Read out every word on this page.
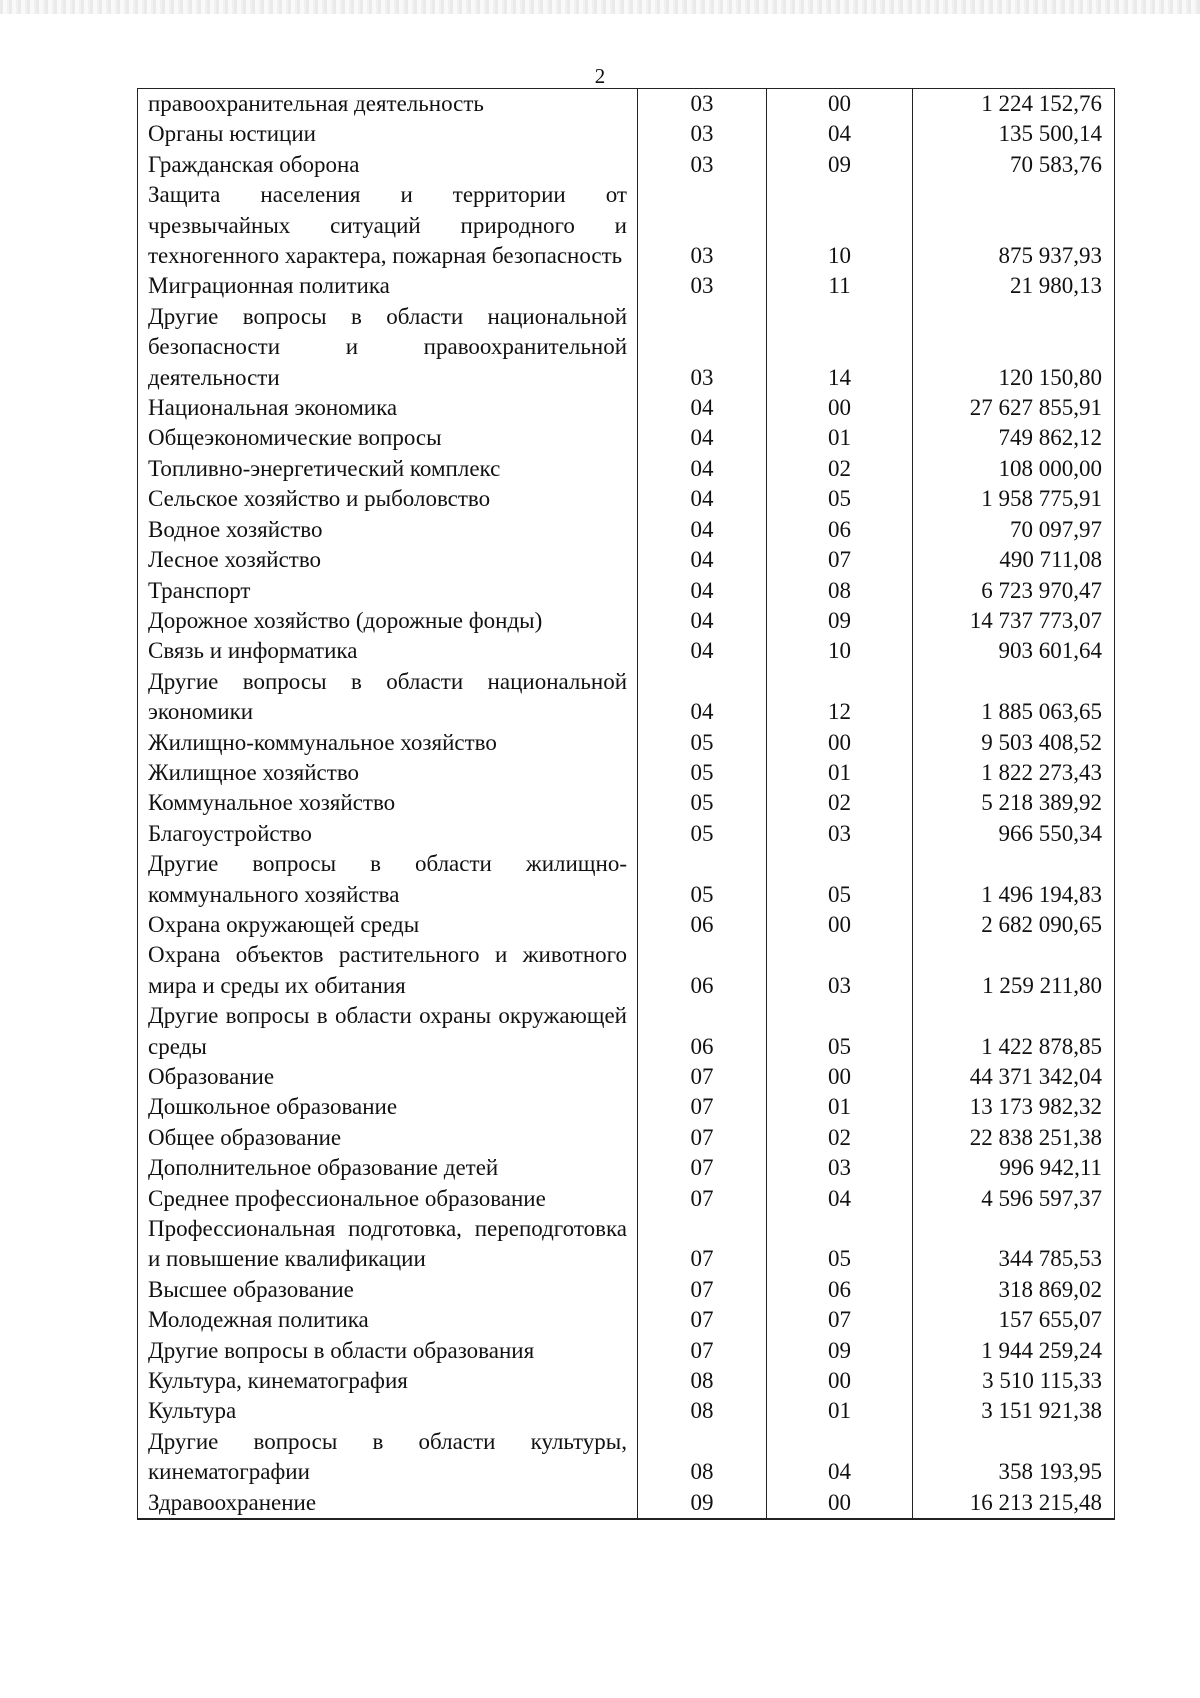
2
правоохранительная деятельность	03	00	1 224 152,76
Органы юстиции	03	04	135 500,14
Гражданская оборона	03	09	70 583,76
Защита населения и территории от чрезвычайных ситуаций природного и техногенного характера, пожарная безопасность	03	10	875 937,93
Миграционная политика	03	11	21 980,13
Другие вопросы в области национальной безопасности и правоохранительной деятельности	03	14	120 150,80
Национальная экономика	04	00	27 627 855,91
Общеэкономические вопросы	04	01	749 862,12
Топливно-энергетический комплекс	04	02	108 000,00
Сельское хозяйство и рыболовство	04	05	1 958 775,91
Водное хозяйство	04	06	70 097,97
Лесное хозяйство	04	07	490 711,08
Транспорт	04	08	6 723 970,47
Дорожное хозяйство (дорожные фонды)	04	09	14 737 773,07
Связь и информатика	04	10	903 601,64
Другие вопросы в области национальной экономики	04	12	1 885 063,65
Жилищно-коммунальное хозяйство	05	00	9 503 408,52
Жилищное хозяйство	05	01	1 822 273,43
Коммунальное хозяйство	05	02	5 218 389,92
Благоустройство	05	03	966 550,34
Другие вопросы в области жилищно-коммунального хозяйства	05	05	1 496 194,83
Охрана окружающей среды	06	00	2 682 090,65
Охрана объектов растительного и животного мира и среды их обитания	06	03	1 259 211,80
Другие вопросы в области охраны окружающей среды	06	05	1 422 878,85
Образование	07	00	44 371 342,04
Дошкольное образование	07	01	13 173 982,32
Общее образование	07	02	22 838 251,38
Дополнительное образование детей	07	03	996 942,11
Среднее профессиональное образование	07	04	4 596 597,37
Профессиональная подготовка, переподготовка и повышение квалификации	07	05	344 785,53
Высшее образование	07	06	318 869,02
Молодежная политика	07	07	157 655,07
Другие вопросы в области образования	07	09	1 944 259,24
Культура, кинематография	08	00	3 510 115,33
Культура	08	01	3 151 921,38
Другие вопросы в области культуры, кинематографии	08	04	358 193,95
Здравоохранение	09	00	16 213 215,48
